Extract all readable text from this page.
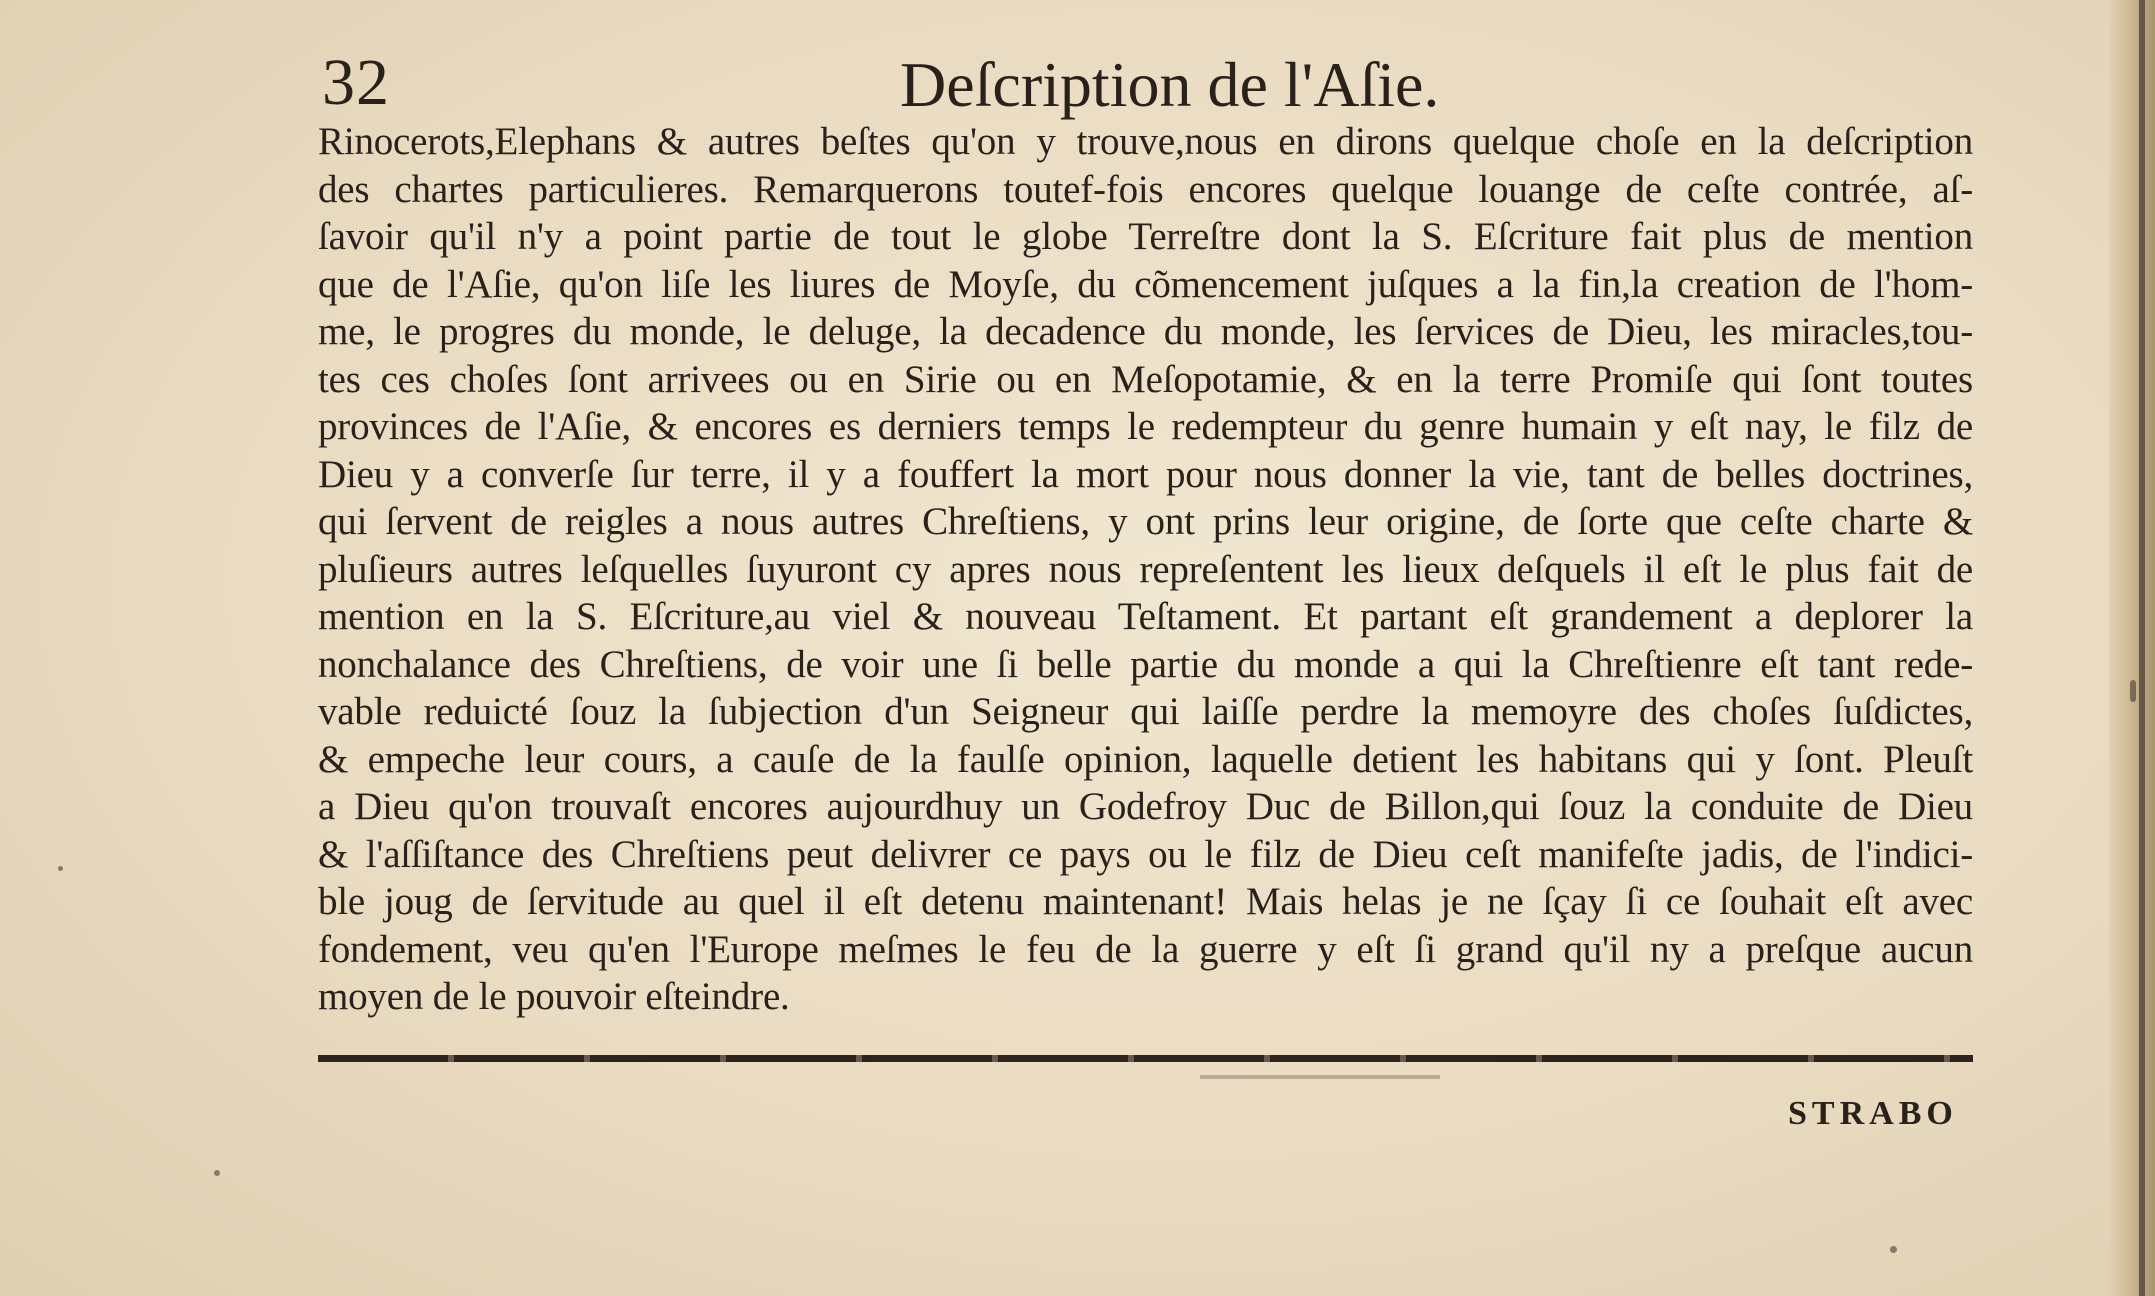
32	Deſcription de l'Aſie.
Rinocerots,Elephans & autres beſtes qu'on y trouve,nous en dirons quelque choſe en la deſcription
des chartes particulieres. Remarquerons toutef-fois encores quelque louange de ceſte contrée, aſ-
ſavoir qu'il n'y a point partie de tout le globe Terreſtre dont la S. Eſcriture fait plus de mention
que de l'Aſie, qu'on liſe les liures de Moyſe, du cõmencement juſques a la fin,la creation de l'hom-
me, le progres du monde, le deluge, la decadence du monde, les ſervices de Dieu, les miracles,tou-
tes ces choſes ſont arrivees ou en Sirie ou en Meſopotamie, & en la terre Promiſe qui ſont toutes
provinces de l'Aſie, & encores es derniers temps le redempteur du genre humain y eſt nay, le filz de
Dieu y a converſe ſur terre, il y a fouffert la mort pour nous donner la vie, tant de belles doctrines,
qui ſervent de reigles a nous autres Chreſtiens, y ont prins leur origine, de ſorte que ceſte charte &
pluſieurs autres leſquelles ſuyuront cy apres nous repreſentent les lieux deſquels il eſt le plus fait de
mention en la S. Eſcriture,au viel & nouveau Teſtament. Et partant eſt grandement a deplorer la
nonchalance des Chreſtiens, de voir une ſi belle partie du monde a qui la Chreſtienre eſt tant rede-
vable reduicté ſouz la ſubjection d'un Seigneur qui laiſſe perdre la memoyre des choſes ſuſdictes,
& empeche leur cours, a cauſe de la faulſe opinion, laquelle detient les habitans qui y ſont. Pleuſt
a Dieu qu'on trouvaſt encores aujourdhuy un Godefroy Duc de Billon,qui ſouz la conduite de Dieu
& l'aſſiſtance des Chreſtiens peut delivrer ce pays ou le filz de Dieu ceſt manifeſte jadis, de l'indici-
ble joug de ſervitude au quel il eſt detenu maintenant! Mais helas je ne ſçay ſi ce ſouhait eſt avec
fondement, veu qu'en l'Europe meſmes le feu de la guerre y eſt ſi grand qu'il ny a preſque aucun
moyen de le pouvoir eſteindre.
STRABO
